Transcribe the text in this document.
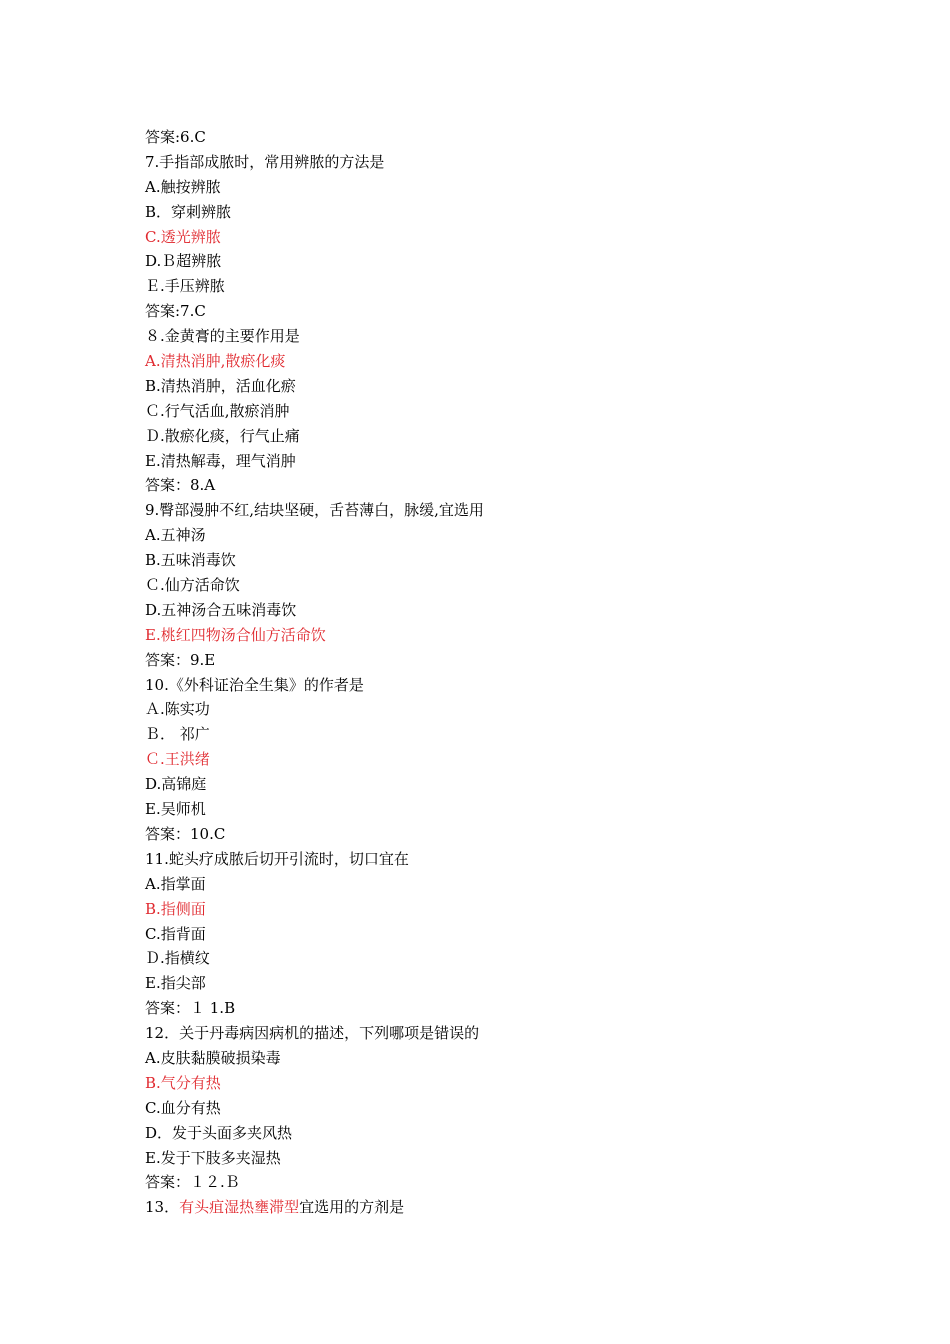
答案:6.C
7.手指部成脓时，常用辨脓的方法是
A.触按辨脓
B．穿刺辨脓
C.透光辨脓
D.Ｂ超辨脓
Ｅ.手压辨脓
答案:7.C
８.金黄膏的主要作用是
A.清热消肿,散瘀化痰
B.清热消肿，活血化瘀
Ｃ.行气活血,散瘀消肿
Ｄ.散瘀化痰，行气止痛
E.清热解毒，理气消肿
答案：8.A
9.臀部漫肿不红,结块坚硬，舌苔薄白，脉缓,宜选用
A.五神汤
B.五味消毒饮
Ｃ.仙方活命饮
D.五神汤合五味消毒饮
E.桃红四物汤合仙方活命饮
答案：9.E
10.《外科证治全生集》的作者是
Ａ.陈实功
Ｂ． 祁广
Ｃ.王洪绪
D.高锦庭
E.吴师机
答案：10.C
11.蛇头疗成脓后切开引流时，切口宜在
A.指掌面
B.指侧面
C.指背面
Ｄ.指横纹
E.指尖部
答案：１ 1.B
12．关于丹毒病因病机的描述，下列哪项是错误的
A.皮肤黏膜破损染毒
B.气分有热
C.血分有热
D．发于头面多夹风热
E.发于下肢多夹湿热
答案：１２.Ｂ
13．有头疽湿热壅滞型宜选用的方剂是
